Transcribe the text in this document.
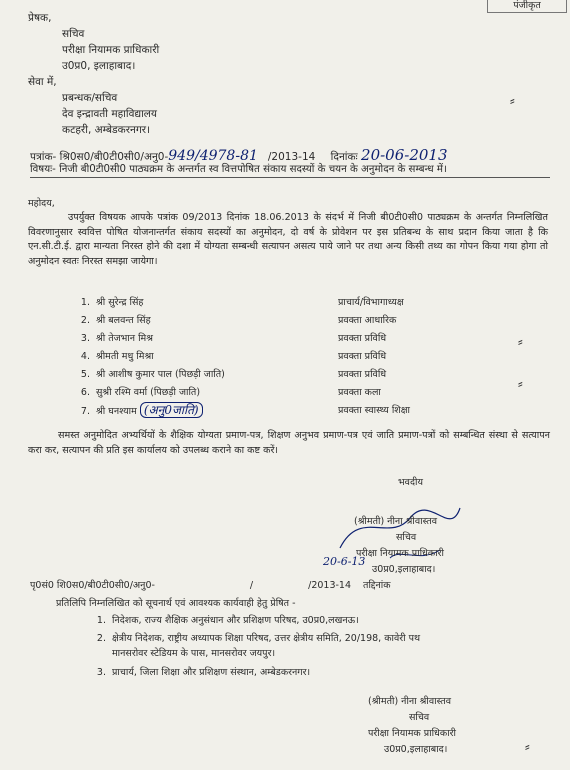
पंजीकृत
प्रेषक,
सचिव
परीक्षा नियामक प्राधिकारी
उ0प्र0, इलाहाबाद।
सेवा में,
प्रबन्धक/सचिव
देव इन्द्रावती महाविद्यालय
कटहरी, अम्बेडकरनगर।
⸗
पत्रांक- श्रि0स0/बी0टी0सी0/अनु0-949/4978-81 /2013-14 दिनांकः 20-06-2013
विषयः- निजी बी0टी0सी0 पाठ्यक्रम के अन्तर्गत स्व वित्तपोषित संकाय सदस्यों के चयन के अनुमोदन के सम्बन्ध में।
महोदय,
उपर्युक्त विषयक आपके पत्रांक 09/2013 दिनांक 18.06.2013 के संदर्भ में निजी बी0टी0सी0 पाठ्यक्रम के अन्तर्गत निम्नलिखित विवरणानुसार स्ववित्त पोषित योजनान्तर्गत संकाय सदस्यों का अनुमोदन, दो वर्ष के प्रोवेशन पर इस प्रतिबन्ध के साथ प्रदान किया जाता है कि एन.सी.टी.ई. द्वारा मान्यता निरस्त होने की दशा में योग्यता सम्बन्धी सत्यापन असत्य पाये जाने पर तथा अन्य किसी तथ्य का गोपन किया गया होगा तो अनुमोदन स्वतः निरस्त समझा जायेगा।
1. श्री सुरेन्द्र सिंह	प्राचार्य/विभागाध्यक्ष
2. श्री बलवन्त सिंह	प्रवक्ता आधारिक
3. श्री तेजभान मिश्र	प्रवक्ता प्रविधि
4. श्रीमती मधु मिश्रा	प्रवक्ता प्रविधि
5. श्री आशीष कुमार पाल (पिछड़ी जाति)	प्रवक्ता प्रविधि
6. सुश्री रश्मि वर्मा (पिछड़ी जाति)	प्रवक्ता कला
7. श्री घनश्याम (अनु0जाति)	प्रवक्ता स्वास्थ्य शिक्षा
⸗
⸗
समस्त अनुमोदित अभ्यर्थियों के शैक्षिक योग्यता प्रमाण-पत्र, शिक्षण अनुभव प्रमाण-पत्र एवं जाति प्रमाण-पत्रों को सम्बन्धित संस्था से सत्यापन करा कर, सत्यापन की प्रति इस कार्यालय को उपलब्ध कराने का कष्ट करें।
भवदीय
(श्रीमती) नीना श्रीवास्तव
सचिव
परीक्षा नियामक प्राधिकारी
उ0प्र0,इलाहाबाद।
20-6-13
पृ0सं0 शि0स0/बी0टी0सी0/अनु0-	/	/2013-14 तद्दिनांक
प्रतिलिपि निम्नलिखित को सूचनार्थ एवं आवश्यक कार्यवाही हेतु प्रेषित -
1. निदेशक, राज्य शैक्षिक अनुसंधान और प्रशिक्षण परिषद, उ0प्र0,लखनऊ।
2. क्षेत्रीय निदेशक, राष्ट्रीय अध्यापक शिक्षा परिषद, उत्तर क्षेत्रीय समिति, 20/198, कावेरी पथ
मानसरोवर स्टेडियम के पास, मानसरोवर जयपुर।
3. प्राचार्य, जिला शिक्षा और प्रशिक्षण संस्थान, अम्बेडकरनगर।
(श्रीमती) नीना श्रीवास्तव
सचिव
परीक्षा नियामक प्राधिकारी
उ0प्र0,इलाहाबाद।	⸗
